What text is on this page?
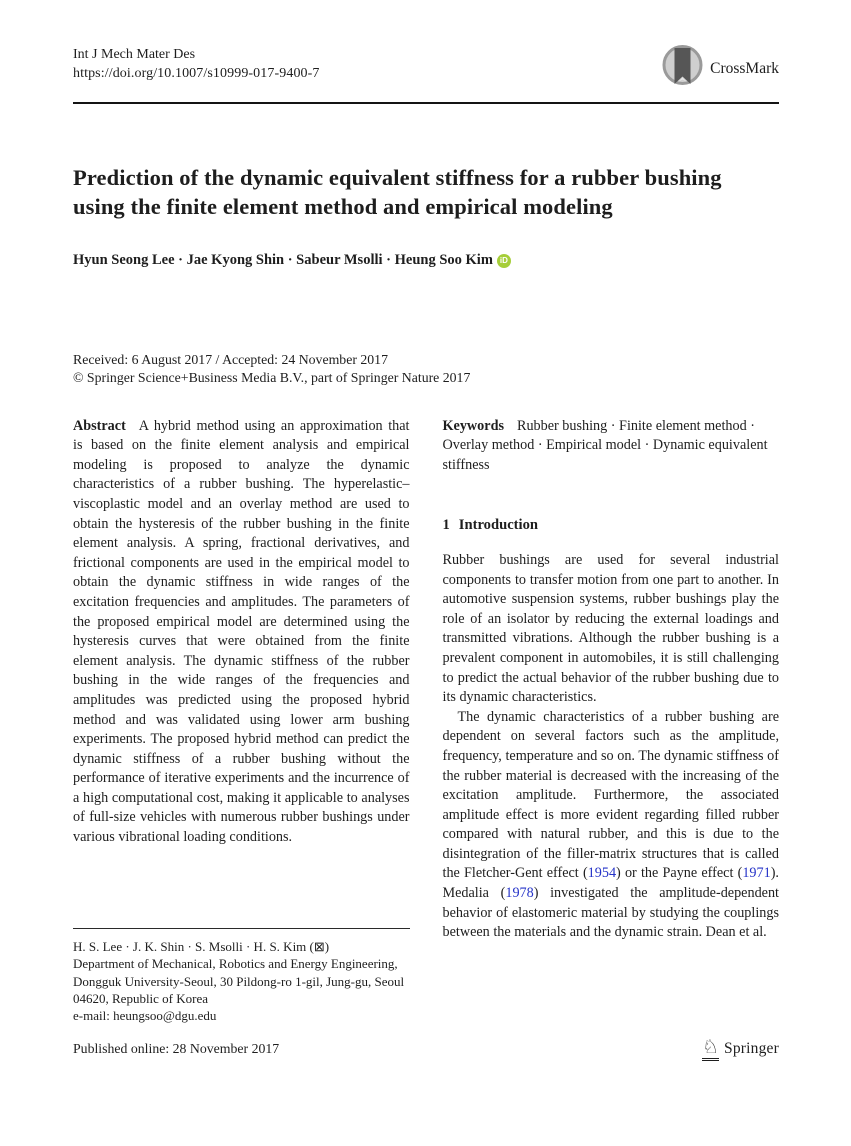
Int J Mech Mater Des
https://doi.org/10.1007/s10999-017-9400-7	CrossMark
Prediction of the dynamic equivalent stiffness for a rubber bushing using the finite element method and empirical modeling
Hyun Seong Lee · Jae Kyong Shin · Sabeur Msolli · Heung Soo Kim iD
Received: 6 August 2017 / Accepted: 24 November 2017
© Springer Science+Business Media B.V., part of Springer Nature 2017

Abstract A hybrid method using an approximation that is based on the finite element analysis and empirical modeling is proposed to analyze the dynamic characteristics of a rubber bushing. The hyperelastic–viscoplastic model and an overlay method are used to obtain the hysteresis of the rubber bushing in the finite element analysis. A spring, fractional derivatives, and frictional components are used in the empirical model to obtain the dynamic stiffness in wide ranges of the excitation frequencies and amplitudes. The parameters of the proposed empirical model are determined using the hysteresis curves that were obtained from the finite element analysis. The dynamic stiffness of the rubber bushing in the wide ranges of the frequencies and amplitudes was predicted using the proposed hybrid method and was validated using lower arm bushing experiments. The proposed hybrid method can predict the dynamic stiffness of a rubber bushing without the performance of iterative experiments and the incurrence of a high computational cost, making it applicable to analyses of full-size vehicles with numerous rubber bushings under various vibrational loading conditions.

H. S. Lee · J. K. Shin · S. Msolli · H. S. Kim (⊠)
Department of Mechanical, Robotics and Energy Engineering, Dongguk University-Seoul, 30 Pildong-ro 1-gil, Jung-gu, Seoul 04620, Republic of Korea
e-mail: heungsoo@dgu.edu

Keywords Rubber bushing · Finite element method · Overlay method · Empirical model · Dynamic equivalent stiffness

1 Introduction

Rubber bushings are used for several industrial components to transfer motion from one part to another. In automotive suspension systems, rubber bushings play the role of an isolator by reducing the external loadings and transmitted vibrations. Although the rubber bushing is a prevalent component in automobiles, it is still challenging to predict the actual behavior of the rubber bushing due to its dynamic characteristics.

The dynamic characteristics of a rubber bushing are dependent on several factors such as the amplitude, frequency, temperature and so on. The dynamic stiffness of the rubber material is decreased with the increasing of the excitation amplitude. Furthermore, the associated amplitude effect is more evident regarding filled rubber compared with natural rubber, and this is due to the disintegration of the filler-matrix structures that is called the Fletcher-Gent effect (1954) or the Payne effect (1971). Medalia (1978) investigated the amplitude-dependent behavior of elastomeric material by studying the couplings between the materials and the dynamic strain. Dean et al.

Published online: 28 November 2017	♘ Springer
